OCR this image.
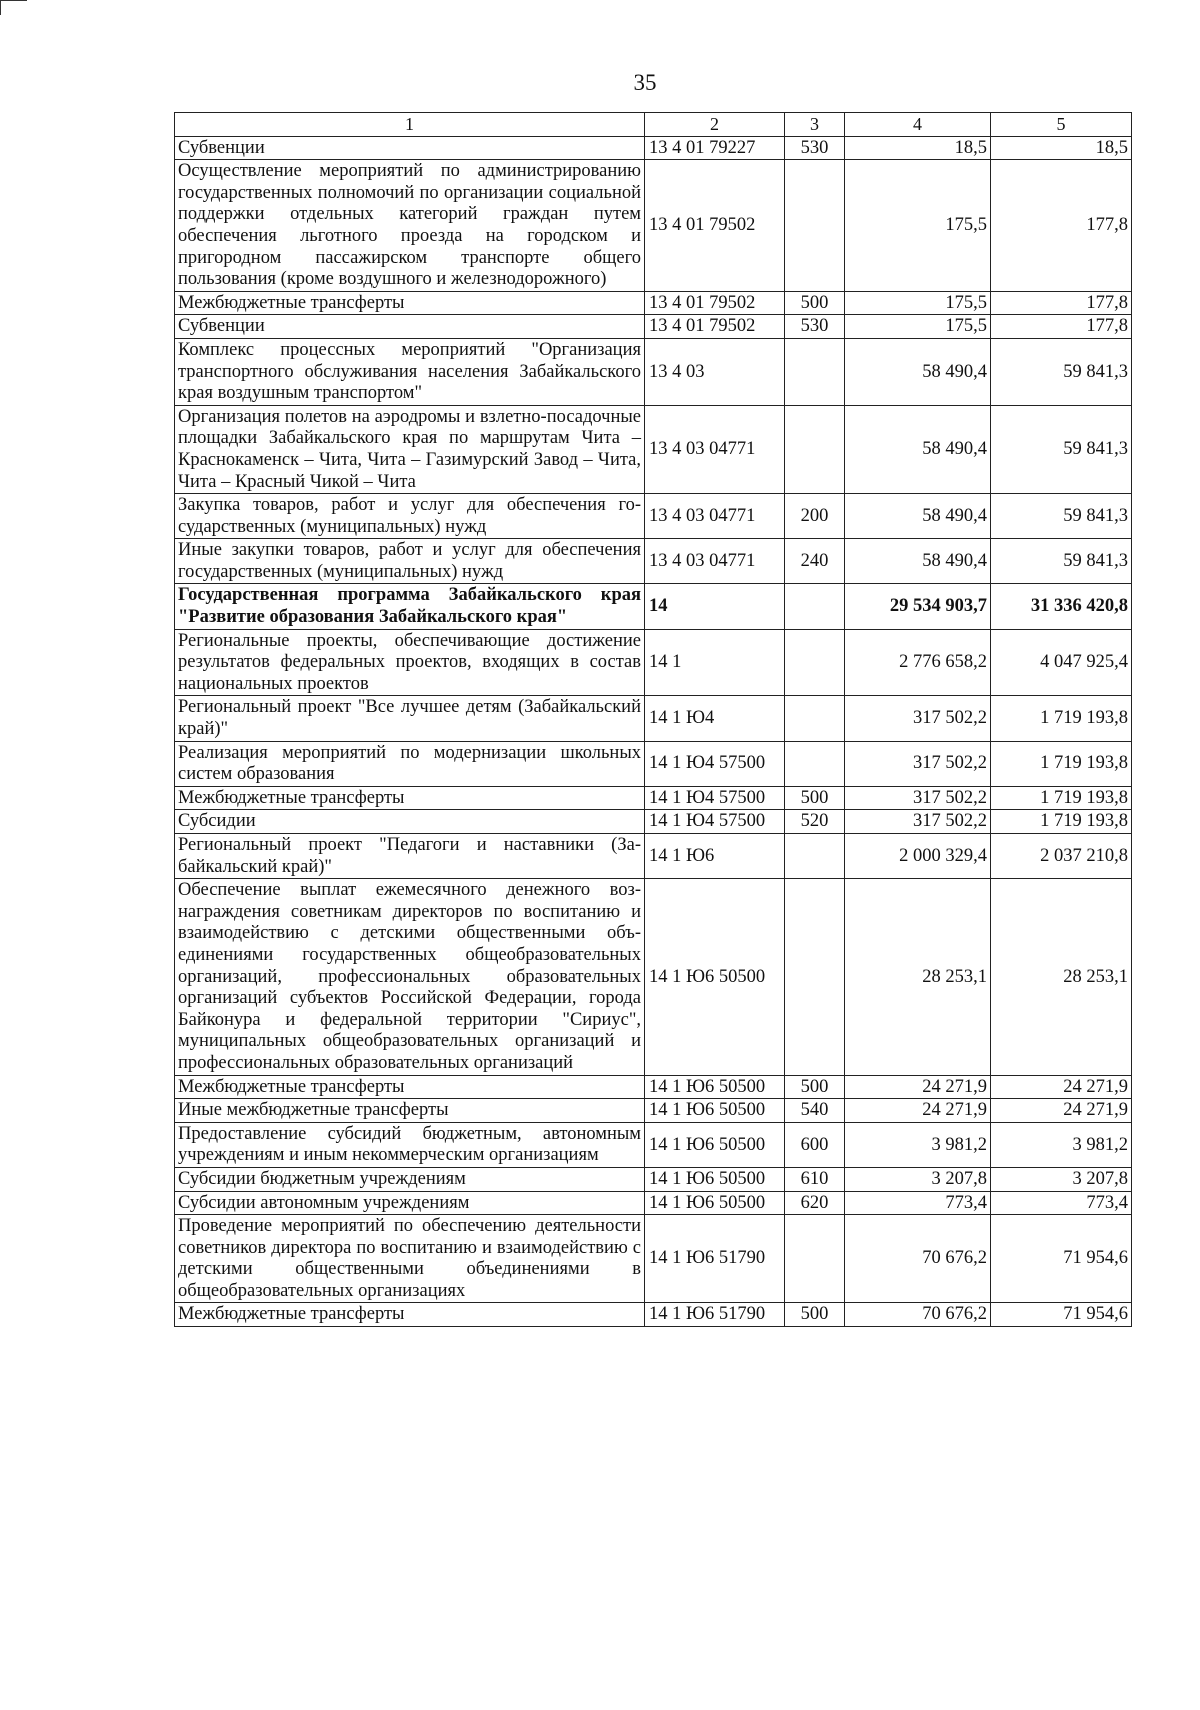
35
1	2	3	4	5
Субвенции	13 4 01 79227	530	18,5	18,5
Осуществление мероприятий по администрированию государственных полномочий по организации социальной поддержки отдельных категорий граждан путем обеспечения льготного проезда на городском и пригородном пассажирском транспорте общего пользования (кроме воздушного и железнодорожного)	13 4 01 79502		175,5	177,8
Межбюджетные трансферты	13 4 01 79502	500	175,5	177,8
Субвенции	13 4 01 79502	530	175,5	177,8
Комплекс процессных мероприятий "Организация транспортного обслуживания населения Забайкальского края воздушным транспортом"	13 4 03		58 490,4	59 841,3
Организация полетов на аэродромы и взлетно-посадочные площадки Забайкальского края по маршрутам Чита – Краснокаменск – Чита, Чита – Газимурский Завод – Чита, Чита – Красный Чикой – Чита	13 4 03 04771		58 490,4	59 841,3
Закупка товаров, работ и услуг для обеспечения государственных (муниципальных) нужд	13 4 03 04771	200	58 490,4	59 841,3
Иные закупки товаров, работ и услуг для обеспечения государственных (муниципальных) нужд	13 4 03 04771	240	58 490,4	59 841,3
Государственная программа Забайкальского края "Развитие образования Забайкальского края"	14		29 534 903,7	31 336 420,8
Региональные проекты, обеспечивающие достижение результатов федеральных проектов, входящих в состав национальных проектов	14 1		2 776 658,2	4 047 925,4
Региональный проект "Все лучшее детям (Забайкальский край)"	14 1 Ю4		317 502,2	1 719 193,8
Реализация мероприятий по модернизации школьных систем образования	14 1 Ю4 57500		317 502,2	1 719 193,8
Межбюджетные трансферты	14 1 Ю4 57500	500	317 502,2	1 719 193,8
Субсидии	14 1 Ю4 57500	520	317 502,2	1 719 193,8
Региональный проект "Педагоги и наставники (Забайкальский край)"	14 1 Ю6		2 000 329,4	2 037 210,8
Обеспечение выплат ежемесячного денежного вознаграждения советникам директоров по воспитанию и взаимодействию с детскими общественными объединениями государственных общеобразовательных организаций, профессиональных образовательных организаций субъектов Российской Федерации, города Байконура и федеральной территории "Сириус", муниципальных общеобразовательных организаций и профессиональных образовательных организаций	14 1 Ю6 50500		28 253,1	28 253,1
Межбюджетные трансферты	14 1 Ю6 50500	500	24 271,9	24 271,9
Иные межбюджетные трансферты	14 1 Ю6 50500	540	24 271,9	24 271,9
Предоставление субсидий бюджетным, автономным учреждениям и иным некоммерческим организациям	14 1 Ю6 50500	600	3 981,2	3 981,2
Субсидии бюджетным учреждениям	14 1 Ю6 50500	610	3 207,8	3 207,8
Субсидии автономным учреждениям	14 1 Ю6 50500	620	773,4	773,4
Проведение мероприятий по обеспечению деятельности советников директора по воспитанию и взаимодействию с детскими общественными объединениями в общеобразовательных организациях	14 1 Ю6 51790		70 676,2	71 954,6
Межбюджетные трансферты	14 1 Ю6 51790	500	70 676,2	71 954,6
